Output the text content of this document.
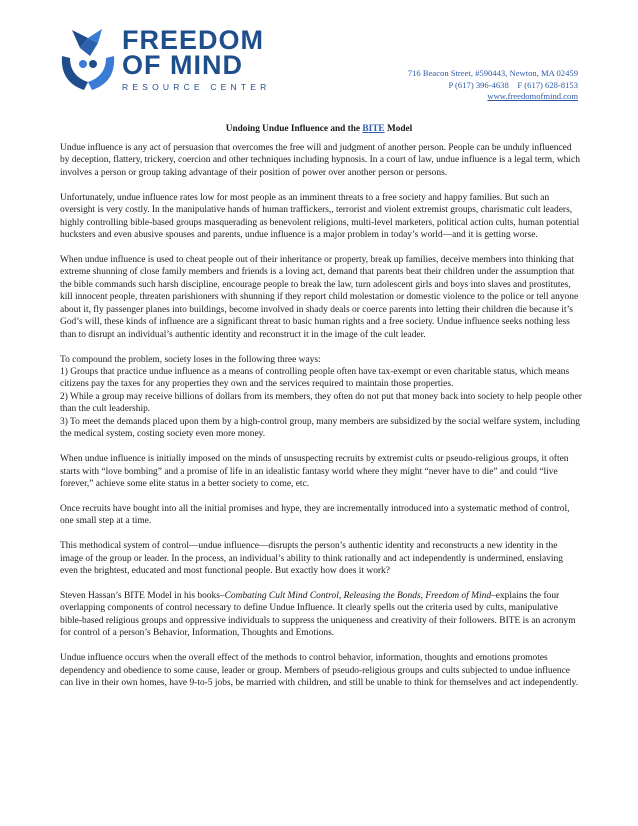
FREEDOM
OF MIND
RESOURCE CENTER
716 Beacon Street, #590443, Newton, MA 02459
P (617) 396-4638    F (617) 628-8153
www.freedomofmind.com
Undoing Undue Influence and the BITE Model

Undue influence is any act of persuasion that overcomes the free will and judgment of another person. People can be unduly influenced by deception, flattery, trickery, coercion and other techniques including hypnosis. In a court of law, undue influence is a legal term, which involves a person or group taking advantage of their position of power over another person or persons.

Unfortunately, undue influence rates low for most people as an imminent threats to a free society and happy families. But such an oversight is very costly. In the manipulative hands of human traffickers,, terrorist and violent extremist groups, charismatic cult leaders, highly controlling bible-based groups masquerading as benevolent religions, multi-level marketers, political action cults, human potential hucksters and even abusive spouses and parents, undue influence is a major problem in today’s world—and it is getting worse.

When undue influence is used to cheat people out of their inheritance or property, break up families, deceive members into thinking that extreme shunning of close family members and friends is a loving act, demand that parents beat their children under the assumption that the bible commands such harsh discipline, encourage people to break the law, turn adolescent girls and boys into slaves and prostitutes, kill innocent people, threaten parishioners with shunning if they report child molestation or domestic violence to the police or tell anyone about it, fly passenger planes into buildings, become involved in shady deals or coerce parents into letting their children die because it’s God’s will, these kinds of influence are a significant threat to basic human rights and a free society. Undue influence seeks nothing less than to disrupt an individual’s authentic identity and reconstruct it in the image of the cult leader.

To compound the problem, society loses in the following three ways:
1) Groups that practice undue influence as a means of controlling people often have tax-exempt or even charitable status, which means citizens pay the taxes for any properties they own and the services required to maintain those properties.
2) While a group may receive billions of dollars from its members, they often do not put that money back into society to help people other than the cult leadership.
3) To meet the demands placed upon them by a high-control group, many members are subsidized by the social welfare system, including the medical system, costing society even more money.

When undue influence is initially imposed on the minds of unsuspecting recruits by extremist cults or pseudo-religious groups, it often starts with “love bombing” and a promise of life in an idealistic fantasy world where they might “never have to die” and could “live forever,” achieve some elite status in a better society to come, etc.

Once recruits have bought into all the initial promises and hype, they are incrementally introduced into a systematic method of control, one small step at a time.

This methodical system of control—undue influence—disrupts the person’s authentic identity and reconstructs a new identity in the image of the group or leader. In the process, an individual’s ability to think rationally and act independently is undermined, enslaving even the brightest, educated and most functional people. But exactly how does it work?

Steven Hassan’s BITE Model in his books–Combating Cult Mind Control, Releasing the Bonds, Freedom of Mind–explains the four overlapping components of control necessary to define Undue Influence. It clearly spells out the criteria used by cults, manipulative bible-based religious groups and oppressive individuals to suppress the uniqueness and creativity of their followers. BITE is an acronym for control of a person’s Behavior, Information, Thoughts and Emotions.

Undue influence occurs when the overall effect of the methods to control behavior, information, thoughts and emotions promotes dependency and obedience to some cause, leader or group. Members of pseudo-religious groups and cults subjected to undue influence can live in their own homes, have 9-to-5 jobs, be married with children, and still be unable to think for themselves and act independently.
